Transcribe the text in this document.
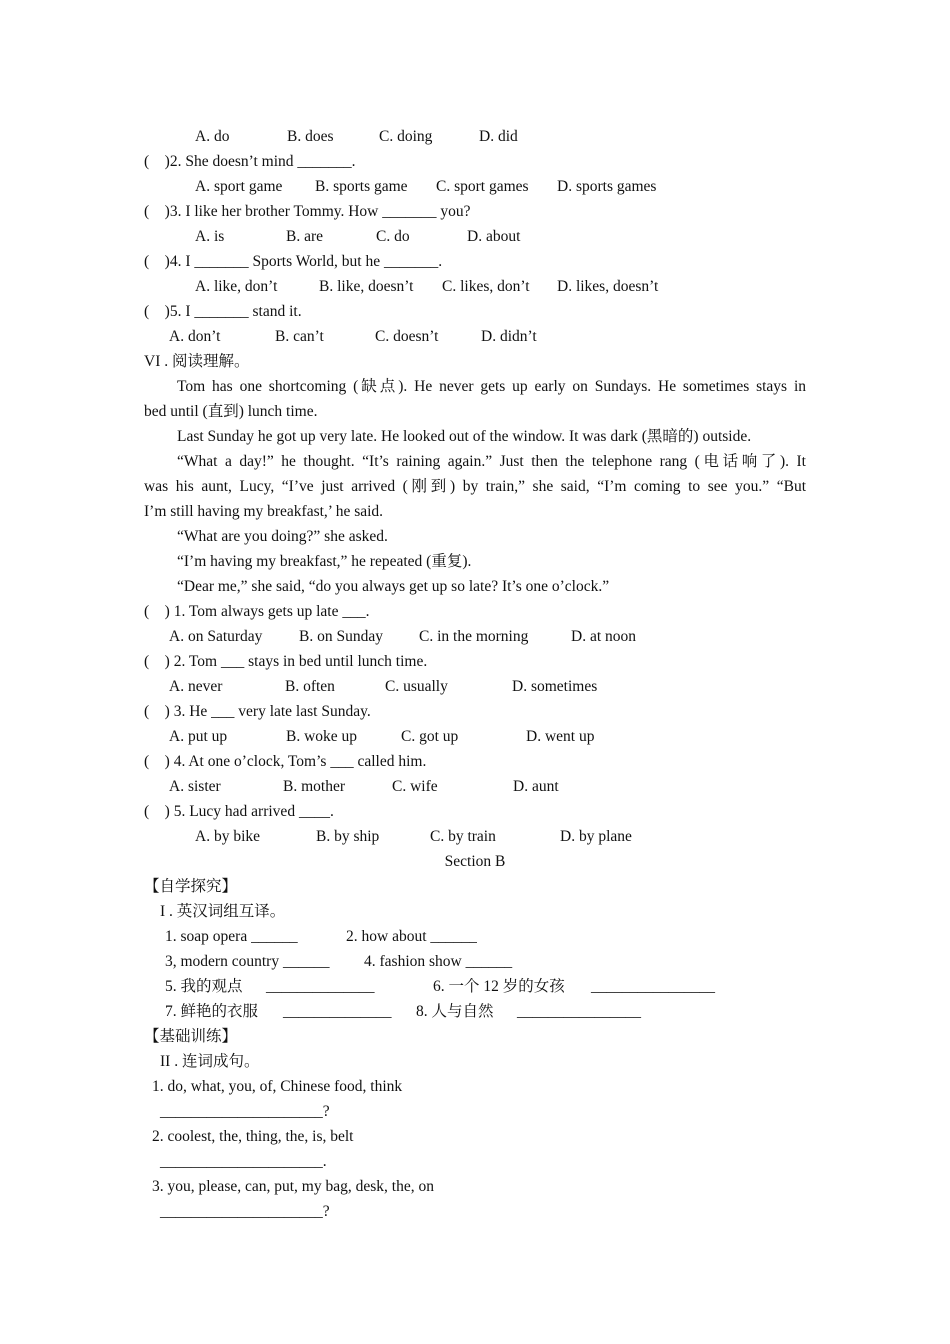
A. do	B. does	C. doing	D. did
(    )2. She doesn’t mind _______.
A. sport game B. sports game C. sport games D. sports games
(    )3. I like her brother Tommy. How _______ you?
A. is	B. are	C. do	D. about
(    )4. I _______ Sports World, but he _______.
A. like, don’t	B. like, doesn’t C. likes, don’t D. likes, doesn’t
(    )5. I _______ stand it.
A. don’t	B. can’t	C. doesn’t	D. didn’t
VI . 阅读理解。
Tom has one shortcoming (缺点). He never gets up early on Sundays. He sometimes stays in
bed until (直到) lunch time.
Last Sunday he got up very late. He looked out of the window. It was dark (黑暗的) outside.
“What a day!” he thought. “It’s raining again.” Just then the telephone rang (电话响了). It
was his aunt, Lucy, “I’ve just arrived (刚到) by train,” she said, “I’m coming to see you.” “But
I’m still having my breakfast,’ he said.
“What are you doing?” she asked.
“I’m having my breakfast,” he repeated (重复).
“Dear me,” she said, “do you always get up so late? It’s one o’clock.”
(    ) 1. Tom always gets up late ___.
A. on Saturday B. on Sunday C. in the morning	D. at noon
(    ) 2. Tom ___ stays in bed until lunch time.
A. never	B. often	C. usually	D. sometimes
(    ) 3. He ___ very late last Sunday.
A. put up	B. woke up	C. got up	D. went up
(    ) 4. At one o’clock, Tom’s ___ called him.
A. sister	B. mother	C. wife	D. aunt
(    ) 5. Lucy had arrived ____.
A. by bike	B. by ship	C. by train	D. by plane
Section B
【自学探究】
I . 英汉词组互译。
1. soap opera ______	2. how about ______
3, modern country ______ 4. fashion show ______
5. 我的观点 ______________	6. 一个 12 岁的女孩 ________________
7. 鲜艳的衣服 ______________ 8. 人与自然 ________________
【基础训练】
II . 连词成句。
1. do, what, you, of, Chinese food, think
_____________________?
2. coolest, the, thing, the, is, belt
_____________________.
3. you, please, can, put, my bag, desk, the, on
_____________________?
